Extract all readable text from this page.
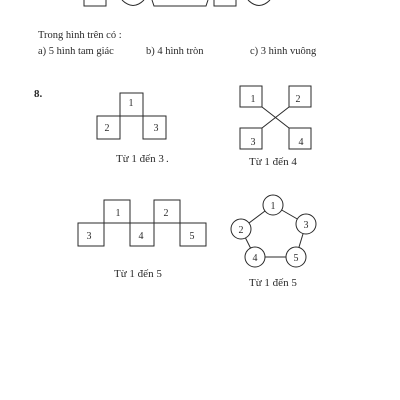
Trong hình trên có :
a) 5 hình tam giác	b) 4 hình tròn	c) 3 hình vuông
8.
1
2	3
Từ 1 đến 3 .
1	2
3	4
Từ 1 đến 4
1	2
3	4	5
Từ 1 đến 5
1
2	3
4	5
Từ 1 đến 5
